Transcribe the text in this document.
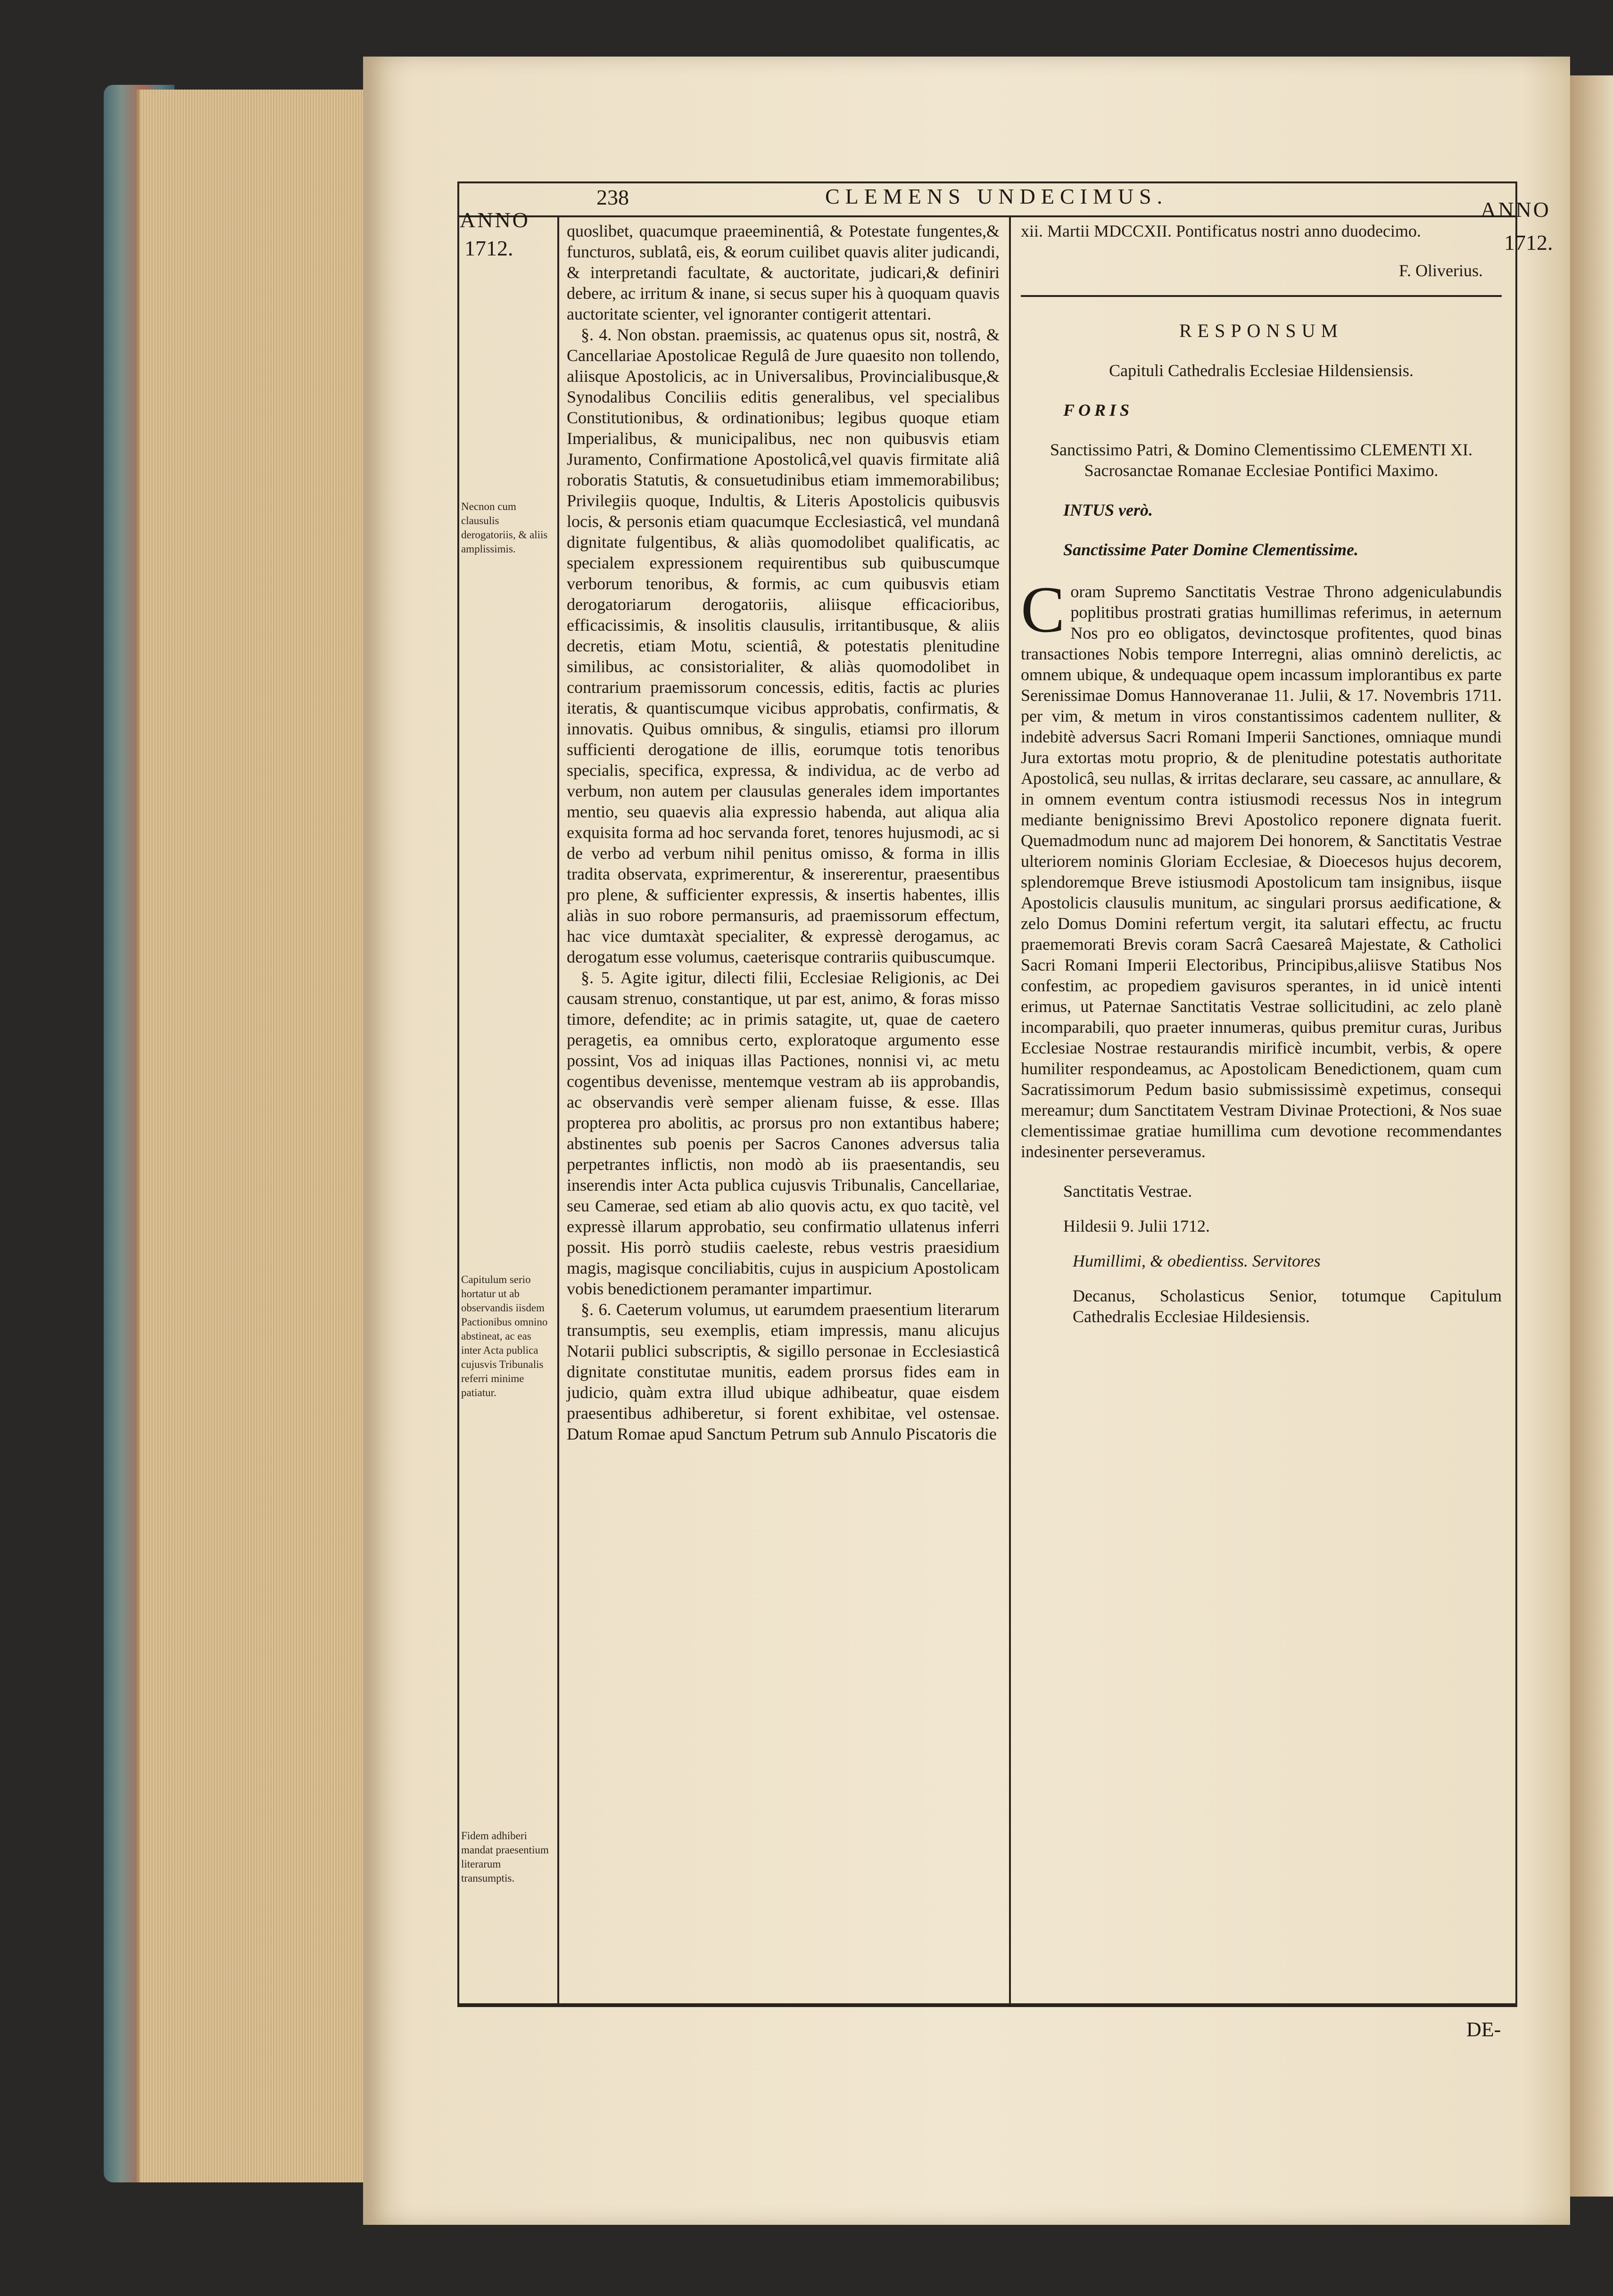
ANNO
1712.
238	CLEMENS UNDECIMUS.
ANNO
1712.
Necnon cum clausulis derogatoriis, & aliis amplissimis.
Capitulum serio hortatur ut ab observandis iisdem Pactionibus omnino abstineat, ac eas inter Acta publica cujusvis Tribunalis referri minime patiatur.
Fidem adhiberi mandat praesentium literarum transumptis.

quoslibet, quacumque praeeminentiâ, & Potestate fungentes,& functuros, sublatâ, eis, & eorum cuilibet quavis aliter judicandi, & interpretandi facultate, & auctoritate, judicari,& definiri debere, ac irritum & inane, si secus super his à quoquam quavis auctoritate scienter, vel ignoranter contigerit attentari.

§. 4. Non obstan. praemissis, ac quatenus opus sit, nostrâ, & Cancellariae Apostolicae Regulâ de Jure quaesito non tollendo, aliisque Apostolicis, ac in Universalibus, Provincialibusque,& Synodalibus Conciliis editis generalibus, vel specialibus Constitutionibus, & ordinationibus; legibus quoque etiam Imperialibus, & municipalibus, nec non quibusvis etiam Juramento, Confirmatione Apostolicâ,vel quavis firmitate aliâ roboratis Statutis, & consuetudinibus etiam immemorabilibus; Privilegiis quoque, Indultis, & Literis Apostolicis quibusvis locis, & personis etiam quacumque Ecclesiasticâ, vel mundanâ dignitate fulgentibus, & aliàs quomodolibet qualificatis, ac specialem expressionem requirentibus sub quibuscumque verborum tenoribus, & formis, ac cum quibusvis etiam derogatoriarum derogatoriis, aliisque efficacioribus, efficacissimis, & insolitis clausulis, irritantibusque, & aliis decretis, etiam Motu, scientiâ, & potestatis plenitudine similibus, ac consistorialiter, & aliàs quomodolibet in contrarium praemissorum concessis, editis, factis ac pluries iteratis, & quantiscumque vicibus approbatis, confirmatis, & innovatis. Quibus omnibus, & singulis, etiamsi pro illorum sufficienti derogatione de illis, eorumque totis tenoribus specialis, specifica, expressa, & individua, ac de verbo ad verbum, non autem per clausulas generales idem importantes mentio, seu quaevis alia expressio habenda, aut aliqua alia exquisita forma ad hoc servanda foret, tenores hujusmodi, ac si de verbo ad verbum nihil penitus omisso, & forma in illis tradita observata, exprimerentur, & insererentur, praesentibus pro plene, & sufficienter expressis, & insertis habentes, illis aliàs in suo robore permansuris, ad praemissorum effectum, hac vice dumtaxàt specialiter, & expressè derogamus, ac derogatum esse volumus, caeterisque contrariis quibuscumque.

§. 5. Agite igitur, dilecti filii, Ecclesiae Religionis, ac Dei causam strenuo, constantique, ut par est, animo, & foras misso timore, defendite; ac in primis satagite, ut, quae de caetero peragetis, ea omnibus certo, exploratoque argumento esse possint, Vos ad iniquas illas Pactiones, nonnisi vi, ac metu cogentibus devenisse, mentemque vestram ab iis approbandis, ac observandis verè semper alienam fuisse, & esse. Illas propterea pro abolitis, ac prorsus pro non extantibus habere; abstinentes sub poenis per Sacros Canones adversus talia perpetrantes inflictis, non modò ab iis praesentandis, seu inserendis inter Acta publica cujusvis Tribunalis, Cancellariae, seu Camerae, sed etiam ab alio quovis actu, ex quo tacitè, vel expressè illarum approbatio, seu confirmatio ullatenus inferri possit. His porrò studiis caeleste, rebus vestris praesidium magis, magisque conciliabitis, cujus in auspicium Apostolicam vobis benedictionem peramanter impartimur.

§. 6. Caeterum volumus, ut earumdem praesentium literarum transumptis, seu exemplis, etiam impressis, manu alicujus Notarii publici subscriptis, & sigillo personae in Ecclesiasticâ dignitate constitutae munitis, eadem prorsus fides eam in judicio, quàm extra illud ubique adhibeatur, quae eisdem praesentibus adhiberetur, si forent exhibitae, vel ostensae. Datum Romae apud Sanctum Petrum sub Annulo Piscatoris die

xii. Martii MDCCXII. Pontificatus nostri anno duodecimo.

F. Oliverius.
RESPONSUM
Capituli Cathedralis Ecclesiae Hildensiensis.
FORIS
Sanctissimo Patri, & Domino Clementissimo CLEMENTI XI. Sacrosanctae Romanae Ecclesiae Pontifici Maximo.
INTUS verò.
Sanctissime Pater Domine Clementissime.

Coram Supremo Sanctitatis Vestrae Throno adgeniculabundis poplitibus prostrati gratias humillimas referimus, in aeternum Nos pro eo obligatos, devinctosque profitentes, quod binas transactiones Nobis tempore Interregni, alias omninò derelictis, ac omnem ubique, & undequaque opem incassum implorantibus ex parte Serenissimae Domus Hannoveranae 11. Julii, & 17. Novembris 1711. per vim, & metum in viros constantissimos cadentem nulliter, & indebitè adversus Sacri Romani Imperii Sanctiones, omniaque mundi Jura extortas motu proprio, & de plenitudine potestatis authoritate Apostolicâ, seu nullas, & irritas declarare, seu cassare, ac annullare, & in omnem eventum contra istiusmodi recessus Nos in integrum mediante benignissimo Brevi Apostolico reponere dignata fuerit. Quemadmodum nunc ad majorem Dei honorem, & Sanctitatis Vestrae ulteriorem nominis Gloriam Ecclesiae, & Dioecesos hujus decorem, splendoremque Breve istiusmodi Apostolicum tam insignibus, iisque Apostolicis clausulis munitum, ac singulari prorsus aedificatione, & zelo Domus Domini refertum vergit, ita salutari effectu, ac fructu praememorati Brevis coram Sacrâ Caesareâ Majestate, & Catholici Sacri Romani Imperii Electoribus, Principibus,aliisve Statibus Nos confestim, ac propediem gavisuros sperantes, in id unicè intenti erimus, ut Paternae Sanctitatis Vestrae sollicitudini, ac zelo planè incomparabili, quo praeter innumeras, quibus premitur curas, Juribus Ecclesiae Nostrae restaurandis mirificè incumbit, verbis, & opere humiliter respondeamus, ac Apostolicam Benedictionem, quam cum Sacratissimorum Pedum basio submississimè expetimus, consequi mereamur; dum Sanctitatem Vestram Divinae Protectioni, & Nos suae clementissimae gratiae humillima cum devotione recommendantes indesinenter perseveramus.

Sanctitatis Vestrae.
Hildesii 9. Julii 1712.
Humillimi, & obedientiss. Servitores
Decanus, Scholasticus Senior, totumque Capitulum Cathedralis Ecclesiae Hildesiensis.
DE-
